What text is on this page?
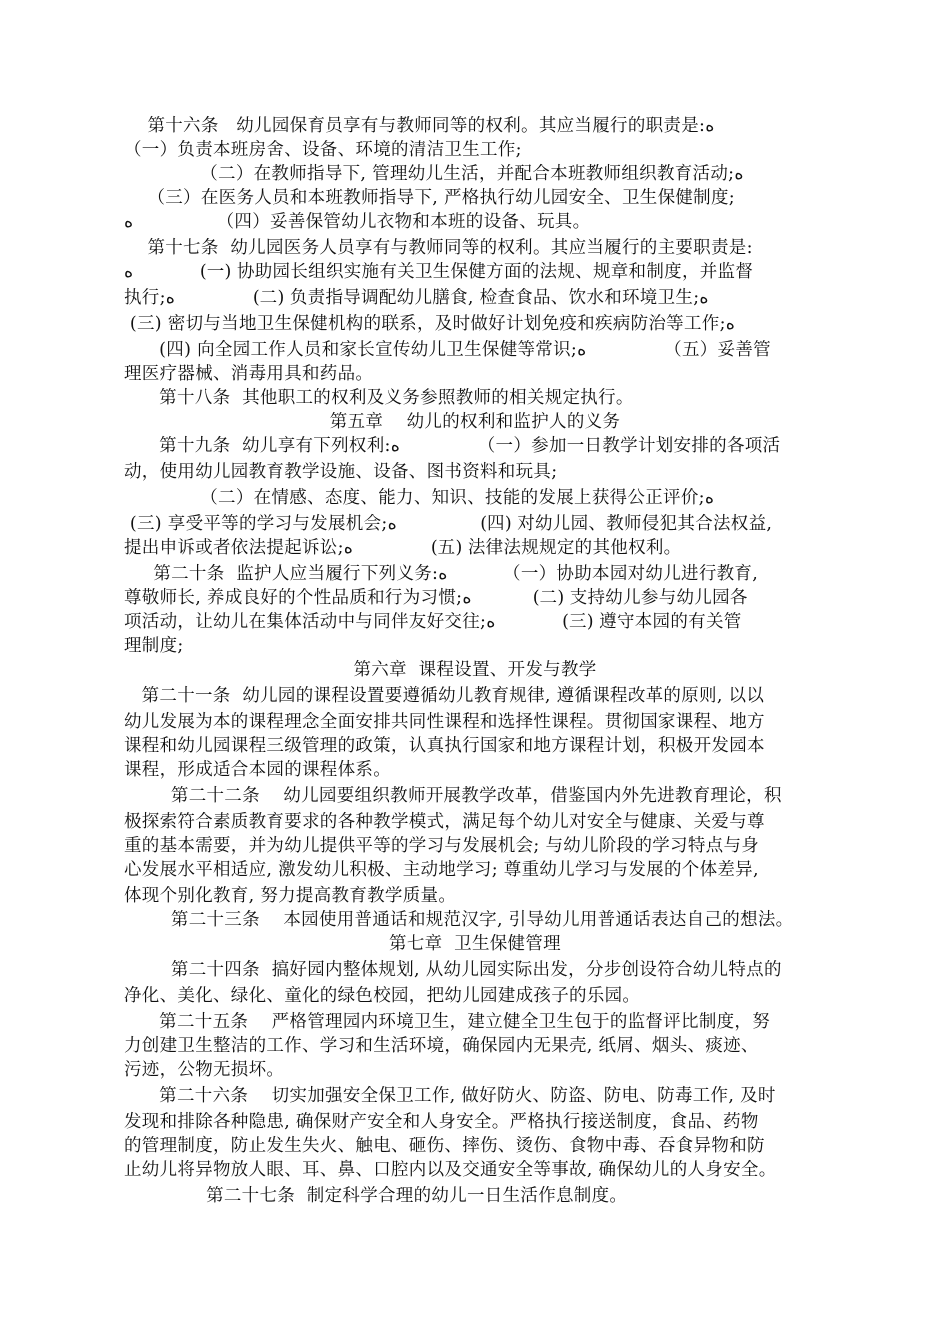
第十六条   幼儿园保育员享有与教师同等的权利。其应当履行的职责是:ﻩ
（一）负责本班房舍、设备、环境的清洁卫生工作;
（二）在教师指导下, 管理幼儿生活，并配合本班教师组织教育活动;ﻩ
（三）在医务人员和本班教师指导下, 严格执行幼儿园安全、卫生保健制度;
ﻩ               （四）妥善保管幼儿衣物和本班的设备、玩具。
第十七条  幼儿园医务人员享有与教师同等的权利。其应当履行的主要职责是:
ﻩ            (一) 协助园长组织实施有关卫生保健方面的法规、规章和制度，并监督
执行;ﻩ              (二) 负责指导调配幼儿膳食, 检查食品、饮水和环境卫生;ﻩ
(三) 密切与当地卫生保健机构的联系，及时做好计划免疫和疾病防治等工作;ﻩ
(四) 向全园工作人员和家长宣传幼儿卫生保健等常识;ﻩ              （五）妥善管
理医疗器械、消毒用具和药品。
第十八条  其他职工的权利及义务参照教师的相关规定执行。
第五章    幼儿的权利和监护人的义务
第十九条  幼儿享有下列权利:ﻩ              （一）参加一日教学计划安排的各项活
动，使用幼儿园教育教学设施、设备、图书资料和玩具;
（二）在情感、态度、能力、知识、技能的发展上获得公正评价;ﻩ
(三) 享受平等的学习与发展机会;ﻩ               (四) 对幼儿园、教师侵犯其合法权益,
提出申诉或者依法提起诉讼;ﻩ              (五) 法律法规规定的其他权利。
第二十条  监护人应当履行下列义务:ﻩ          （一）协助本园对幼儿进行教育,
尊敬师长, 养成良好的个性品质和行为习惯;ﻩ           (二) 支持幼儿参与幼儿园各
项活动，让幼儿在集体活动中与同伴友好交往;ﻩ            (三) 遵守本园的有关管
理制度;
第六章  课程设置、开发与教学
第二十一条  幼儿园的课程设置要遵循幼儿教育规律, 遵循课程改革的原则, 以以
幼儿发展为本的课程理念全面安排共同性课程和选择性课程。贯彻国家课程、地方
课程和幼儿园课程三级管理的政策，认真执行国家和地方课程计划，积极开发园本
课程，形成适合本园的课程体系。
第二十二条    幼儿园要组织教师开展教学改革，借鉴国内外先进教育理论，积
极探索符合素质教育要求的各种教学模式，满足每个幼儿对安全与健康、关爱与尊
重的基本需要，并为幼儿提供平等的学习与发展机会; 与幼儿阶段的学习特点与身
心发展水平相适应, 激发幼儿积极、主动地学习; 尊重幼儿学习与发展的个体差异,
体现个别化教育, 努力提高教育教学质量。
第二十三条    本园使用普通话和规范汉字, 引导幼儿用普通话表达自己的想法。
第七章  卫生保健管理
第二十四条  搞好园内整体规划, 从幼儿园实际出发，分步创设符合幼儿特点的
净化、美化、绿化、童化的绿色校园，把幼儿园建成孩子的乐园。
第二十五条    严格管理园内环境卫生，建立健全卫生包于的监督评比制度，努
力创建卫生整洁的工作、学习和生活环境，确保园内无果壳, 纸屑、烟头、痰迹、
污迹，公物无损坏。
第二十六条    切实加强安全保卫工作, 做好防火、防盗、防电、防毒工作, 及时
发现和排除各种隐患, 确保财产安全和人身安全。严格执行接送制度，食品、药物
的管理制度，防止发生失火、触电、砸伤、摔伤、烫伤、食物中毒、吞食异物和防
止幼儿将异物放人眼、耳、鼻、口腔内以及交通安全等事故, 确保幼儿的人身安全。
第二十七条  制定科学合理的幼儿一日生活作息制度。
